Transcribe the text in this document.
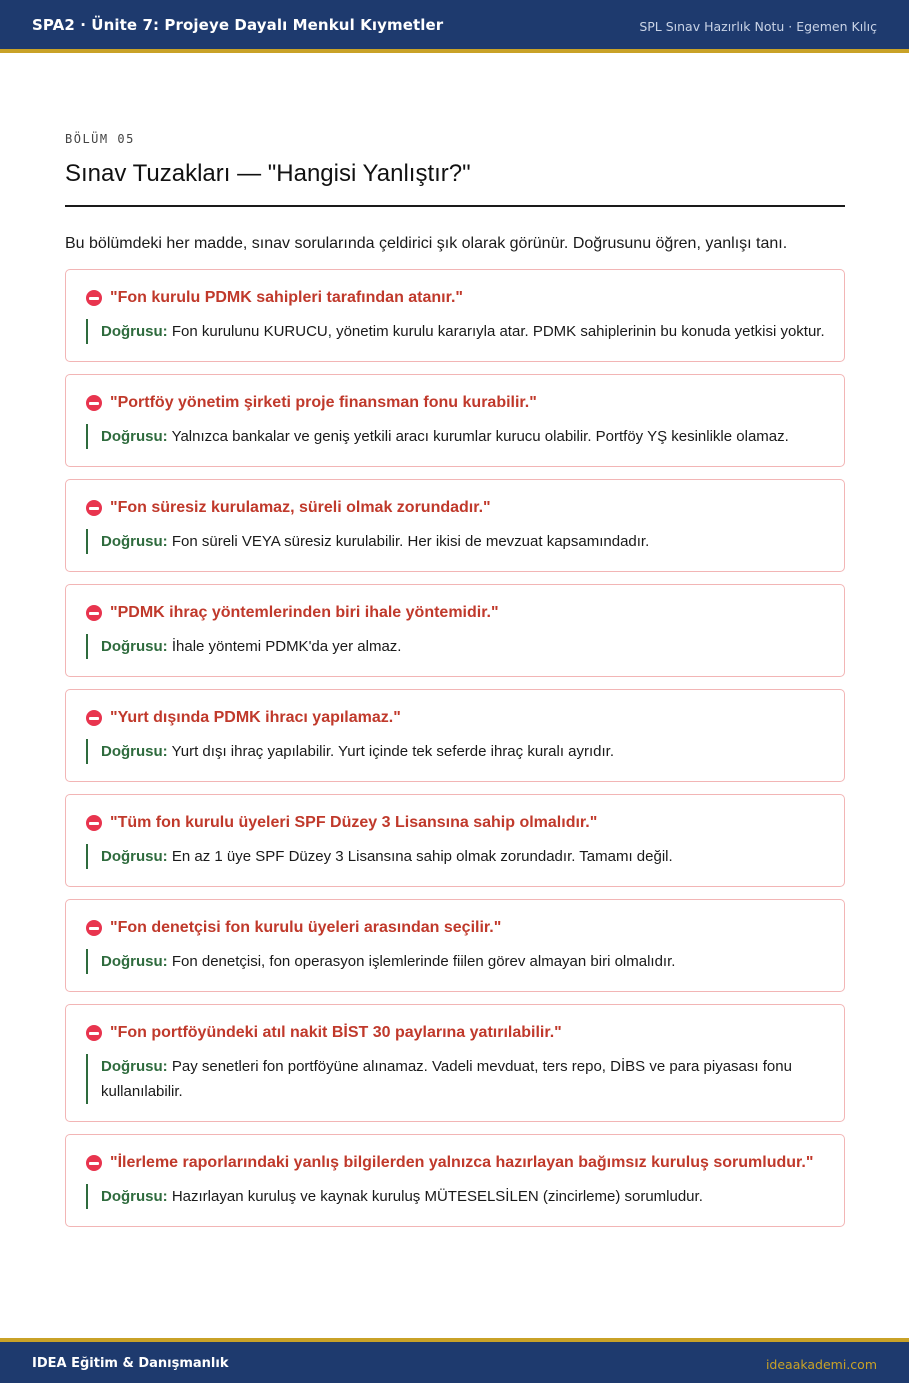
SPA2 · Ünite 7: Projeye Dayalı Menkul Kıymetler	SPL Sınav Hazırlık Notu · Egemen Kılıç
BÖLÜM 05
Sınav Tuzakları — "Hangisi Yanlıştır?"

Bu bölümdeki her madde, sınav sorularında çeldirici şık olarak görünür. Doğrusunu öğren, yanlışı tanı.

"Fon kurulu PDMK sahipleri tarafından atanır."
Doğrusu: Fon kurulunu KURUCU, yönetim kurulu kararıyla atar. PDMK sahiplerinin bu konuda yetkisi yoktur.
"Portföy yönetim şirketi proje finansman fonu kurabilir."
Doğrusu: Yalnızca bankalar ve geniş yetkili aracı kurumlar kurucu olabilir. Portföy YŞ kesinlikle olamaz.
"Fon süresiz kurulamaz, süreli olmak zorundadır."
Doğrusu: Fon süreli VEYA süresiz kurulabilir. Her ikisi de mevzuat kapsamındadır.
"PDMK ihraç yöntemlerinden biri ihale yöntemidir."
Doğrusu: İhale yöntemi PDMK'da yer almaz.
"Yurt dışında PDMK ihracı yapılamaz."
Doğrusu: Yurt dışı ihraç yapılabilir. Yurt içinde tek seferde ihraç kuralı ayrıdır.
"Tüm fon kurulu üyeleri SPF Düzey 3 Lisansına sahip olmalıdır."
Doğrusu: En az 1 üye SPF Düzey 3 Lisansına sahip olmak zorundadır. Tamamı değil.
"Fon denetçisi fon kurulu üyeleri arasından seçilir."
Doğrusu: Fon denetçisi, fon operasyon işlemlerinde fiilen görev almayan biri olmalıdır.
"Fon portföyündeki atıl nakit BİST 30 paylarına yatırılabilir."
Doğrusu: Pay senetleri fon portföyüne alınamaz. Vadeli mevduat, ters repo, DİBS ve para piyasası fonu kullanılabilir.
"İlerleme raporlarındaki yanlış bilgilerden yalnızca hazırlayan bağımsız kuruluş sorumludur."
Doğrusu: Hazırlayan kuruluş ve kaynak kuruluş MÜTESELSİLEN (zincirleme) sorumludur.
IDEA Eğitim & Danışmanlık	ideaakademi.com
